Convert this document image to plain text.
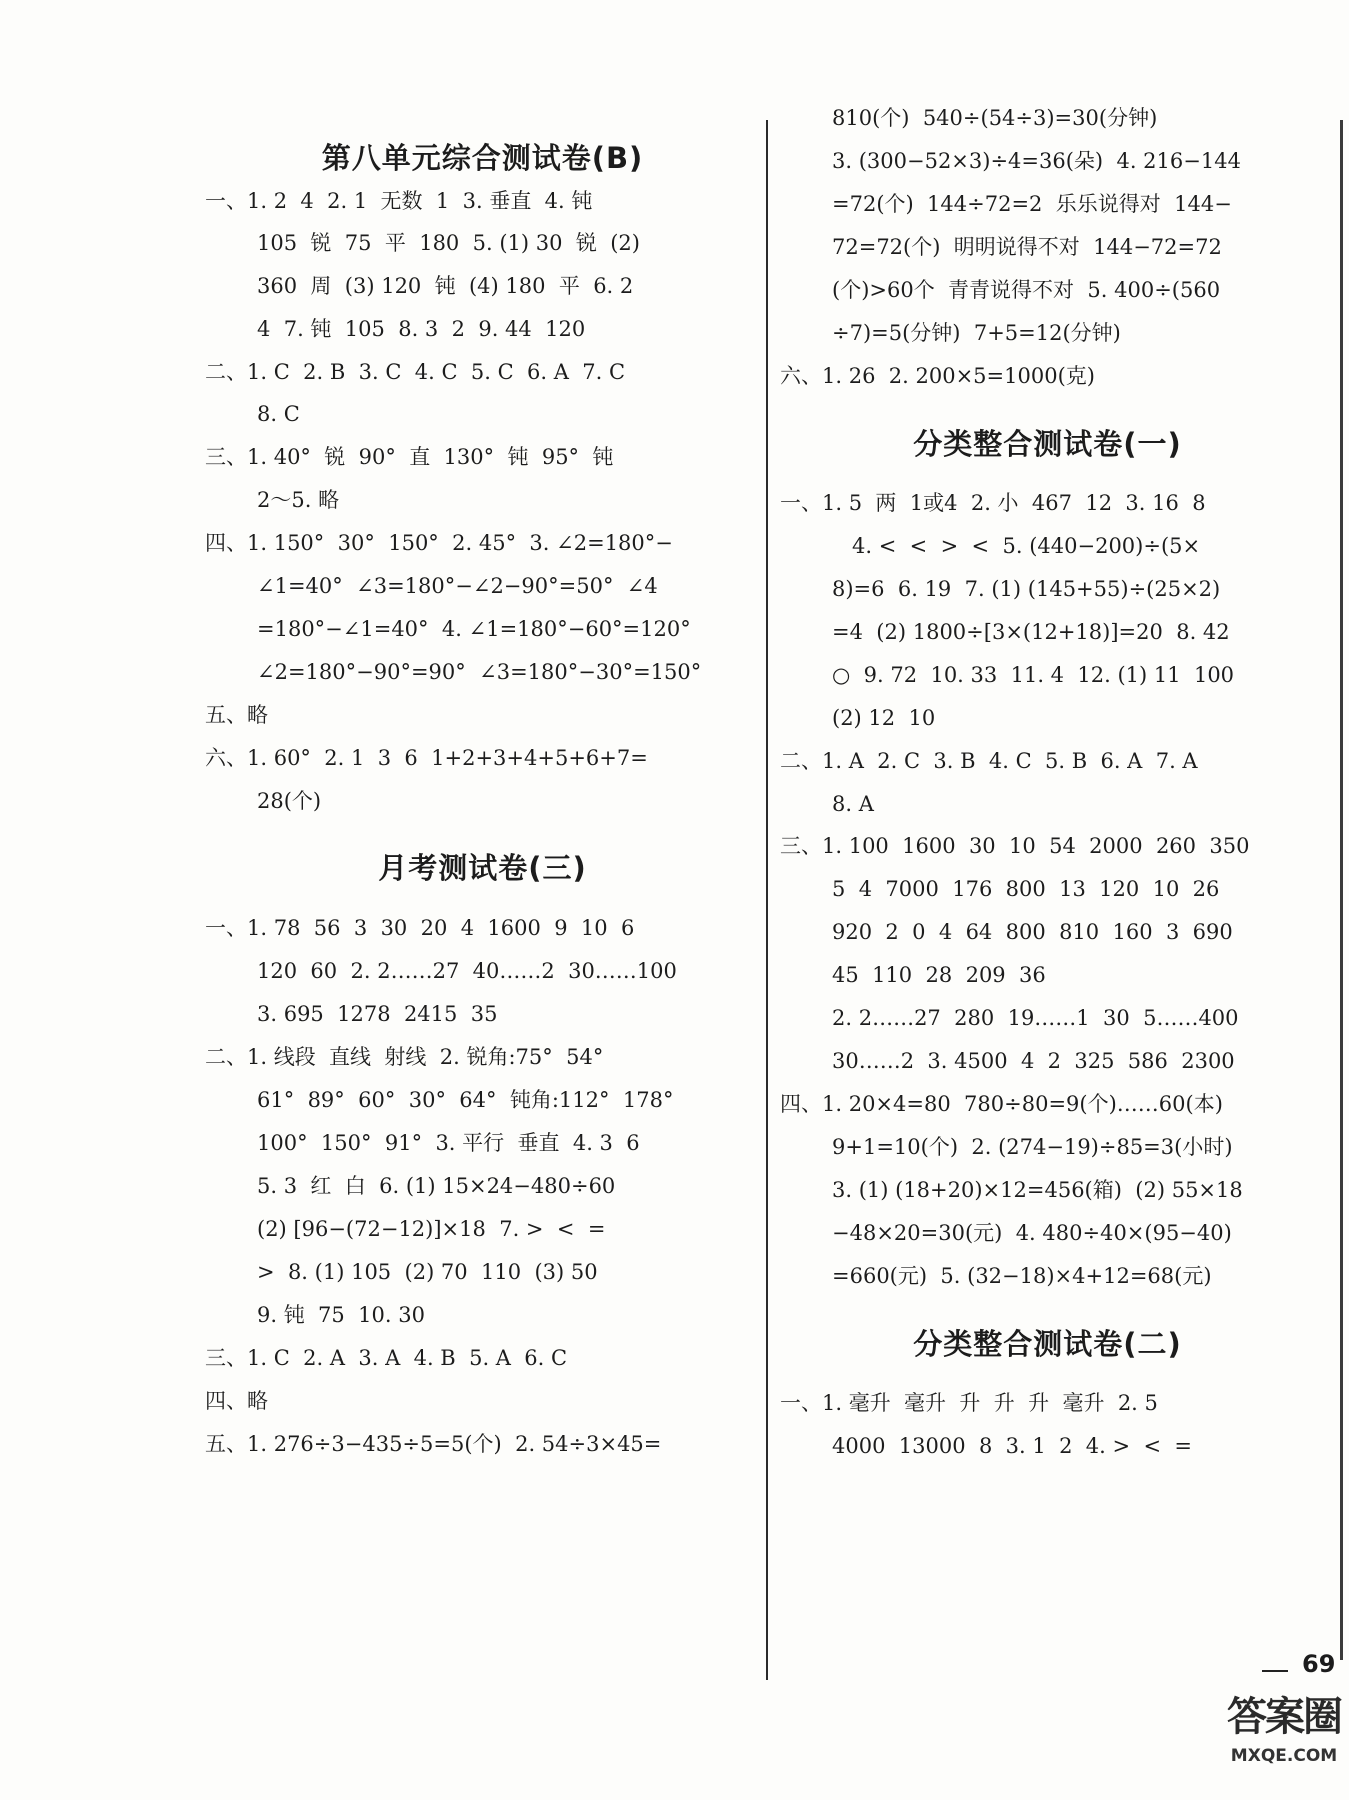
第八单元综合测试卷(B)
一、1. 2  4  2. 1  无数  1  3. 垂直  4. 钝
105  锐  75  平  180  5. (1) 30  锐  (2)
360  周  (3) 120  钝  (4) 180  平  6. 2
4  7. 钝  105  8. 3  2  9. 44  120
二、1. C  2. B  3. C  4. C  5. C  6. A  7. C
8. C
三、1. 40°  锐  90°  直  130°  钝  95°  钝
2～5. 略
四、1. 150°  30°  150°  2. 45°  3. ∠2=180°−
∠1=40°  ∠3=180°−∠2−90°=50°  ∠4
=180°−∠1=40°  4. ∠1=180°−60°=120°
∠2=180°−90°=90°  ∠3=180°−30°=150°
五、略
六、1. 60°  2. 1  3  6  1+2+3+4+5+6+7=
28(个)
月考测试卷(三)
一、1. 78  56  3  30  20  4  1600  9  10  6
120  60  2. 2……27  40……2  30……100
3. 695  1278  2415  35
二、1. 线段  直线  射线  2. 锐角:75°  54°
61°  89°  60°  30°  64°  钝角:112°  178°
100°  150°  91°  3. 平行  垂直  4. 3  6
5. 3  红  白  6. (1) 15×24−480÷60
(2) [96−(72−12)]×18  7. >  <  =
>  8. (1) 105  (2) 70  110  (3) 50
9. 钝  75  10. 30
三、1. C  2. A  3. A  4. B  5. A  6. C
四、略
五、1. 276÷3−435÷5=5(个)  2. 54÷3×45=
810(个)  540÷(54÷3)=30(分钟)
3. (300−52×3)÷4=36(朵)  4. 216−144
=72(个)  144÷72=2  乐乐说得对  144−
72=72(个)  明明说得不对  144−72=72
(个)>60个  青青说得不对  5. 400÷(560
÷7)=5(分钟)  7+5=12(分钟)
六、1. 26  2. 200×5=1000(克)
分类整合测试卷(一)
一、1. 5  两  1或4  2. 小  467  12  3. 16  8
4. <  <  >  <  5. (440−200)÷(5×
8)=6  6. 19  7. (1) (145+55)÷(25×2)
=4  (2) 1800÷[3×(12+18)]=20  8. 42
○  9. 72  10. 33  11. 4  12. (1) 11  100
(2) 12  10
二、1. A  2. C  3. B  4. C  5. B  6. A  7. A
8. A
三、1. 100  1600  30  10  54  2000  260  350
5  4  7000  176  800  13  120  10  26
920  2  0  4  64  800  810  160  3  690
45  110  28  209  36
2. 2……27  280  19……1  30  5……400
30……2  3. 4500  4  2  325  586  2300
四、1. 20×4=80  780÷80=9(个)……60(本)
9+1=10(个)  2. (274−19)÷85=3(小时)
3. (1) (18+20)×12=456(箱)  (2) 55×18
−48×20=30(元)  4. 480÷40×(95−40)
=660(元)  5. (32−18)×4+12=68(元)
分类整合测试卷(二)
一、1. 毫升  毫升  升  升  升  毫升  2. 5
4000  13000  8  3. 1  2  4. >  <  =
69
答案圈
MXQE.COM
